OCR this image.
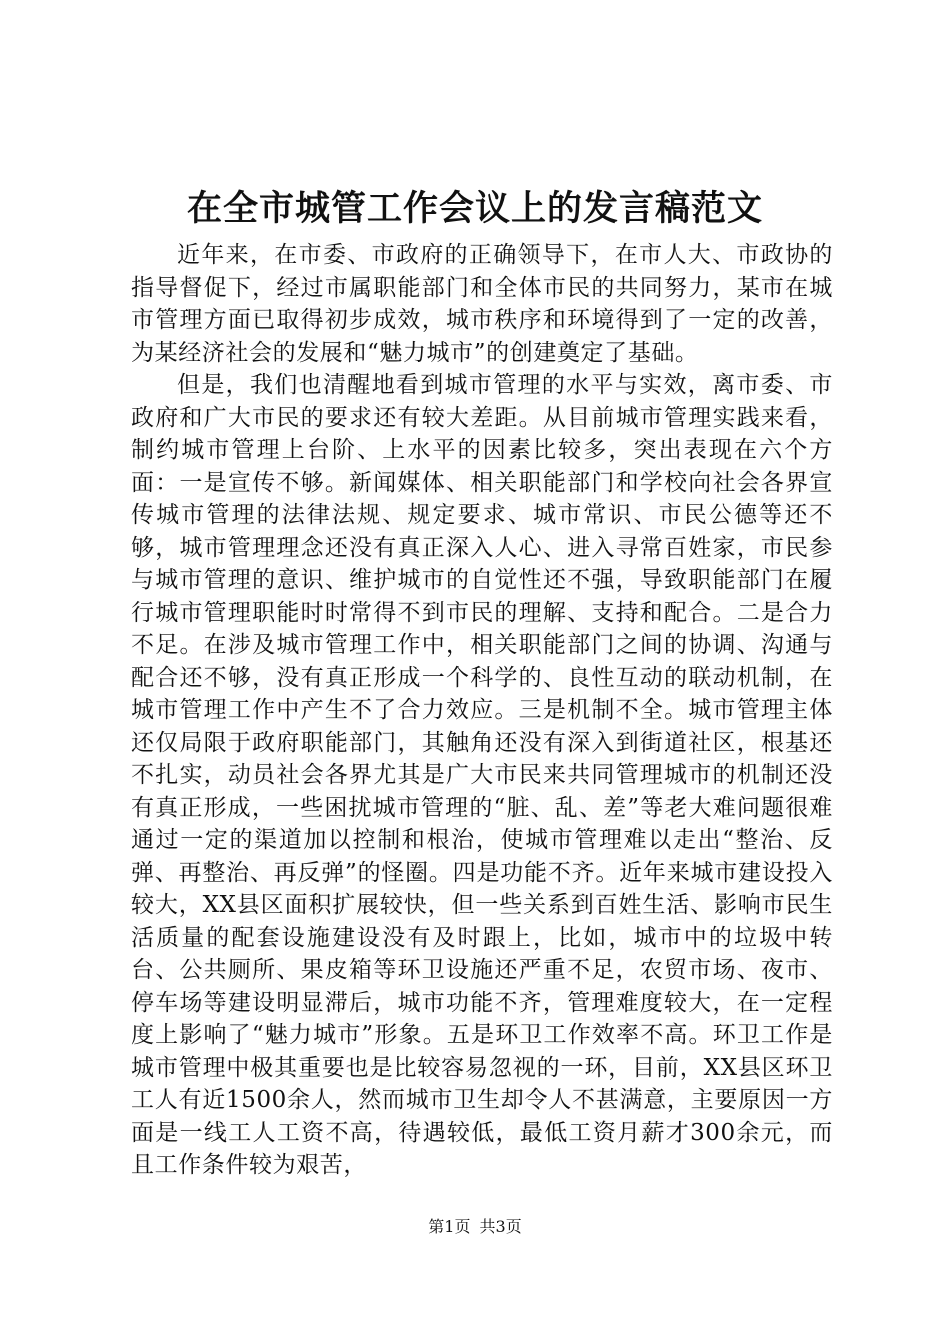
在全市城管工作会议上的发言稿范文

近年来，在市委、市政府的正确领导下，在市人大、市政协的指导督促下，经过市属职能部门和全体市民的共同努力，某市在城市管理方面已取得初步成效，城市秩序和环境得到了一定的改善，为某经济社会的发展和“魅力城市”的创建奠定了基础。

但是，我们也清醒地看到城市管理的水平与实效，离市委、市政府和广大市民的要求还有较大差距。从目前城市管理实践来看，制约城市管理上台阶、上水平的因素比较多，突出表现在六个方面：一是宣传不够。新闻媒体、相关职能部门和学校向社会各界宣传城市管理的法律法规、规定要求、城市常识、市民公德等还不够，城市管理理念还没有真正深入人心、进入寻常百姓家，市民参与城市管理的意识、维护城市的自觉性还不强，导致职能部门在履行城市管理职能时时常得不到市民的理解、支持和配合。二是合力不足。在涉及城市管理工作中，相关职能部门之间的协调、沟通与配合还不够，没有真正形成一个科学的、良性互动的联动机制，在城市管理工作中产生不了合力效应。三是机制不全。城市管理主体还仅局限于政府职能部门，其触角还没有深入到街道社区，根基还不扎实，动员社会各界尤其是广大市民来共同管理城市的机制还没有真正形成，一些困扰城市管理的“脏、乱、差”等老大难问题很难通过一定的渠道加以控制和根治，使城市管理难以走出“整治、反弹、再整治、再反弹”的怪圈。四是功能不齐。近年来城市建设投入较大，XX县区面积扩展较快，但一些关系到百姓生活、影响市民生活质量的配套设施建设没有及时跟上，比如，城市中的垃圾中转台、公共厕所、果皮箱等环卫设施还严重不足，农贸市场、夜市、停车场等建设明显滞后，城市功能不齐，管理难度较大，在一定程度上影响了“魅力城市”形象。五是环卫工作效率不高。环卫工作是城市管理中极其重要也是比较容易忽视的一环，目前，XX县区环卫工人有近1500余人，然而城市卫生却令人不甚满意，主要原因一方面是一线工人工资不高，待遇较低，最低工资月薪才300余元，而且工作条件较为艰苦，

第1页 共3页
